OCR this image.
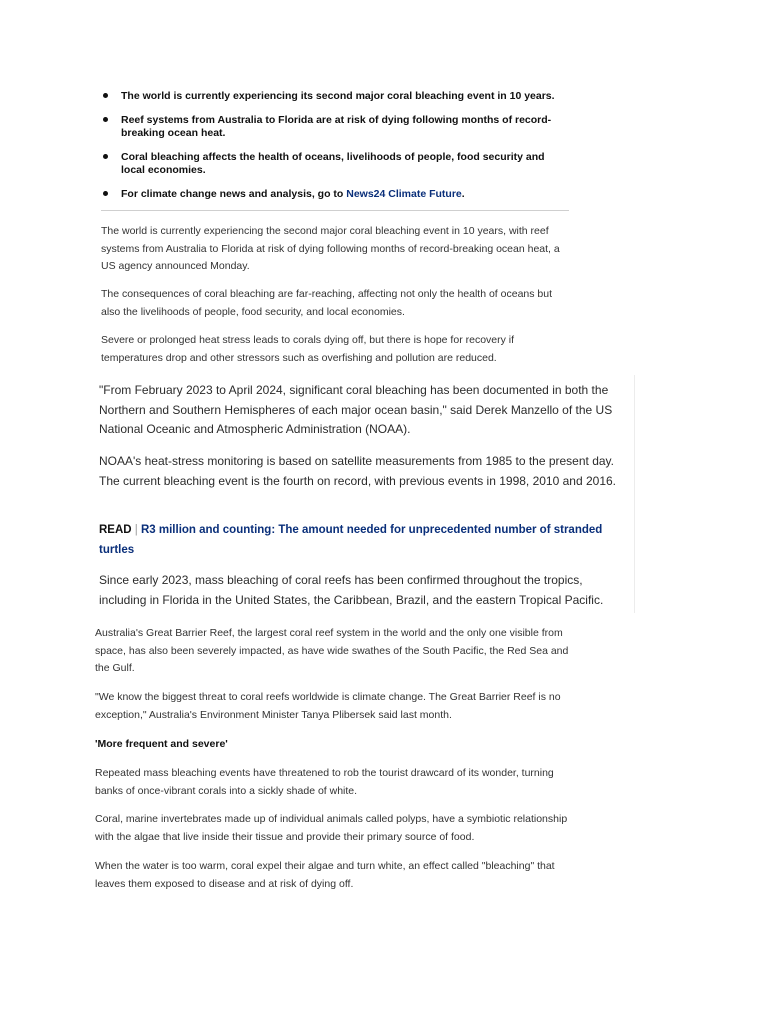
The world is currently experiencing its second major coral bleaching event in 10 years.
Reef systems from Australia to Florida are at risk of dying following months of record-breaking ocean heat.
Coral bleaching affects the health of oceans, livelihoods of people, food security and local economies.
For climate change news and analysis, go to News24 Climate Future.

The world is currently experiencing the second major coral bleaching event in 10 years, with reef systems from Australia to Florida at risk of dying following months of record-breaking ocean heat, a US agency announced Monday.

The consequences of coral bleaching are far-reaching, affecting not only the health of oceans but also the livelihoods of people, food security, and local economies.

Severe or prolonged heat stress leads to corals dying off, but there is hope for recovery if temperatures drop and other stressors such as overfishing and pollution are reduced.

"From February 2023 to April 2024, significant coral bleaching has been documented in both the Northern and Southern Hemispheres of each major ocean basin," said Derek Manzello of the US National Oceanic and Atmospheric Administration (NOAA).

NOAA's heat-stress monitoring is based on satellite measurements from 1985 to the present day. The current bleaching event is the fourth on record, with previous events in 1998, 2010 and 2016.

READ | R3 million and counting: The amount needed for unprecedented number of stranded turtles

Since early 2023, mass bleaching of coral reefs has been confirmed throughout the tropics, including in Florida in the United States, the Caribbean, Brazil, and the eastern Tropical Pacific.

Australia's Great Barrier Reef, the largest coral reef system in the world and the only one visible from space, has also been severely impacted, as have wide swathes of the South Pacific, the Red Sea and the Gulf.

"We know the biggest threat to coral reefs worldwide is climate change. The Great Barrier Reef is no exception," Australia's Environment Minister Tanya Plibersek said last month.

'More frequent and severe'

Repeated mass bleaching events have threatened to rob the tourist drawcard of its wonder, turning banks of once-vibrant corals into a sickly shade of white.

Coral, marine invertebrates made up of individual animals called polyps, have a symbiotic relationship with the algae that live inside their tissue and provide their primary source of food.

When the water is too warm, coral expel their algae and turn white, an effect called "bleaching" that leaves them exposed to disease and at risk of dying off.
